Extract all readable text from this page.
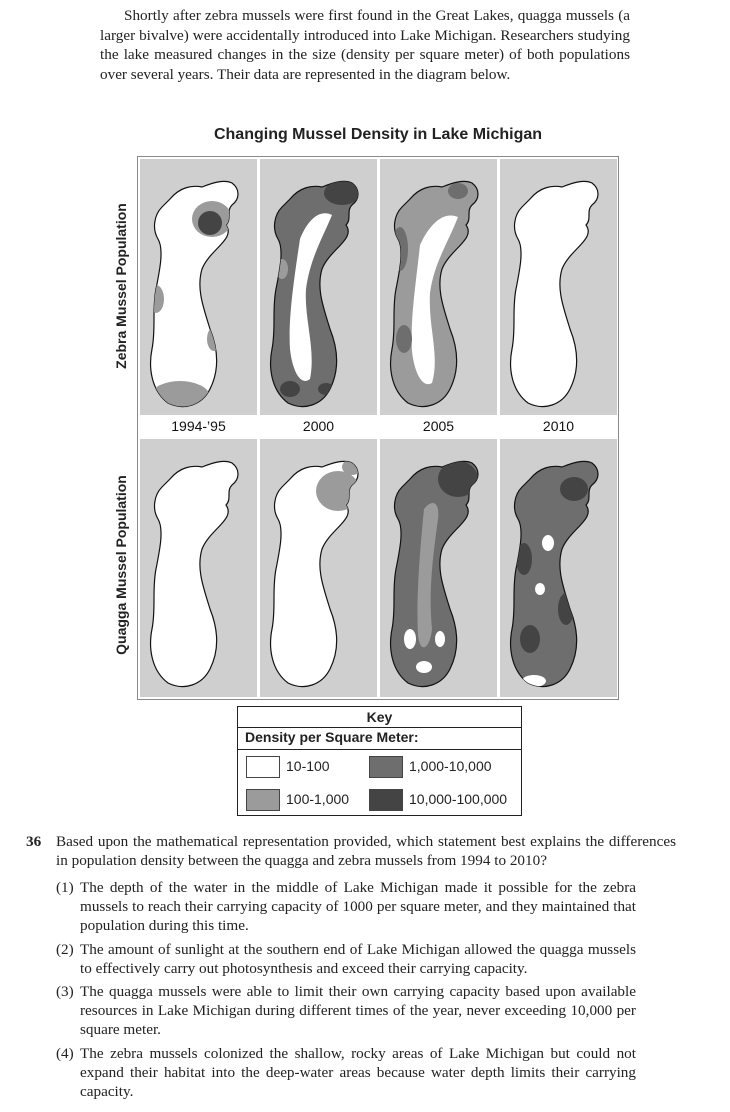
Shortly after zebra mussels were first found in the Great Lakes, quagga mussels (a larger bivalve) were accidentally introduced into Lake Michigan. Researchers studying the lake measured changes in the size (density per square meter) of both populations over several years. Their data are represented in the diagram below.

Changing Mussel Density in Lake Michigan
1994-’95	2000	2005	2010
Zebra Mussel Population
Quagga Mussel Population
Key
Density per Square Meter:
10-100	1,000-10,000
100-1,000	10,000-100,000
36 Based upon the mathematical representation provided, which statement best explains the differences in population density between the quagga and zebra mussels from 1994 to 2010?
(1) The depth of the water in the middle of Lake Michigan made it possible for the zebra mussels to reach their carrying capacity of 1000 per square meter, and they maintained that population during this time.
(2) The amount of sunlight at the southern end of Lake Michigan allowed the quagga mussels to effectively carry out photosynthesis and exceed their carrying capacity.
(3) The quagga mussels were able to limit their own carrying capacity based upon available resources in Lake Michigan during different times of the year, never exceeding 10,000 per square meter.
(4) The zebra mussels colonized the shallow, rocky areas of Lake Michigan but could not expand their habitat into the deep-water areas because water depth limits their carrying capacity.
